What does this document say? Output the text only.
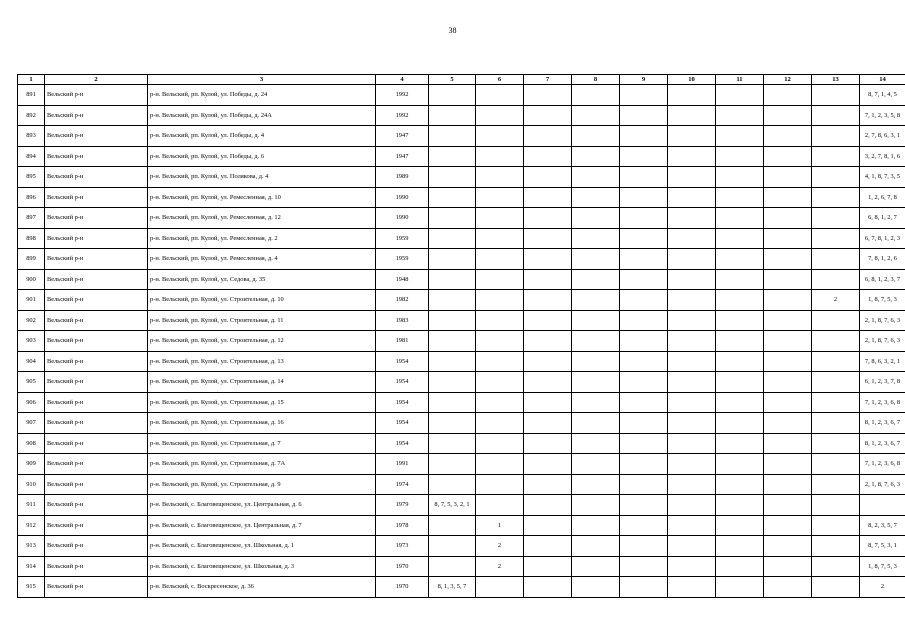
38
1	2	3	4	5	6	7	8	9	10	11	12	13	14
891	Вельский р-н	р-н. Вельский, рп. Кулой, ул. Победы, д. 24	1992										8, 7, 1, 4, 5
892	Вельский р-н	р-н. Вельский, рп. Кулой, ул. Победы, д. 24А	1992										7, 1, 2, 3, 5, 8
893	Вельский р-н	р-н. Вельский, рп. Кулой, ул. Победы, д. 4	1947										2, 7, 8, 6, 3, 1
894	Вельский р-н	р-н. Вельский, рп. Кулой, ул. Победы, д. 6	1947										3, 2, 7, 8, 1, 6
895	Вельский р-н	р-н. Вельский, рп. Кулой, ул. Полякова, д. 4	1989										4, 1, 8, 7, 3, 5
896	Вельский р-н	р-н. Вельский, рп. Кулой, ул. Ремесленная, д. 10	1990										1, 2, 6, 7, 8
897	Вельский р-н	р-н. Вельский, рп. Кулой, ул. Ремесленная, д. 12	1990										6, 8, 1, 2, 7
898	Вельский р-н	р-н. Вельский, рп. Кулой, ул. Ремесленная, д. 2	1959										6, 7, 8, 1, 2, 3
899	Вельский р-н	р-н. Вельский, рп. Кулой, ул. Ремесленная, д. 4	1959										7, 8, 1, 2, 6
900	Вельский р-н	р-н. Вельский, рп. Кулой, ул. Седова, д. 35	1948										6, 8, 1, 2, 3, 7
901	Вельский р-н	р-н. Вельский, рп. Кулой, ул. Строительная, д. 10	1982									2	1, 8, 7, 5, 3
902	Вельский р-н	р-н. Вельский, рп. Кулой, ул. Строительная, д. 11	1983										2, 1, 8, 7, 6, 3
903	Вельский р-н	р-н. Вельский, рп. Кулой, ул. Строительная, д. 12	1981										2, 1, 8, 7, 6, 3
904	Вельский р-н	р-н. Вельский, рп. Кулой, ул. Строительная, д. 13	1954										7, 8, 6, 3, 2, 1
905	Вельский р-н	р-н. Вельский, рп. Кулой, ул. Строительная, д. 14	1954										6, 1, 2, 3, 7, 8
906	Вельский р-н	р-н. Вельский, рп. Кулой, ул. Строительная, д. 15	1954										7, 1, 2, 3, 6, 8
907	Вельский р-н	р-н. Вельский, рп. Кулой, ул. Строительная, д. 16	1954										8, 1, 2, 3, 6, 7
908	Вельский р-н	р-н. Вельский, рп. Кулой, ул. Строительная, д. 7	1954										8, 1, 2, 3, 6, 7
909	Вельский р-н	р-н. Вельский, рп. Кулой, ул. Строительная, д. 7А	1991										7, 1, 2, 3, 6, 8
910	Вельский р-н	р-н. Вельский, рп. Кулой, ул. Строительная, д. 9	1974										2, 1, 8, 7, 6, 3
911	Вельский р-н	р-н. Вельский, с. Благовещенское, ул. Центральная, д. 6	1979	8, 7, 5, 3, 2, 1									
912	Вельский р-н	р-н. Вельский, с. Благовещенское, ул. Центральная, д. 7	1978		1								8, 2, 3, 5, 7
913	Вельский р-н	р-н. Вельский, с. Благовещенское, ул. Школьная, д. 1	1973		2								8, 7, 5, 3, 1
914	Вельский р-н	р-н. Вельский, с. Благовещенское, ул. Школьная, д. 3	1970		2								1, 8, 7, 5, 3
915	Вельский р-н	р-н. Вельский, с. Воскресенское, д. 36	1970	8, 1, 3, 5, 7									2
